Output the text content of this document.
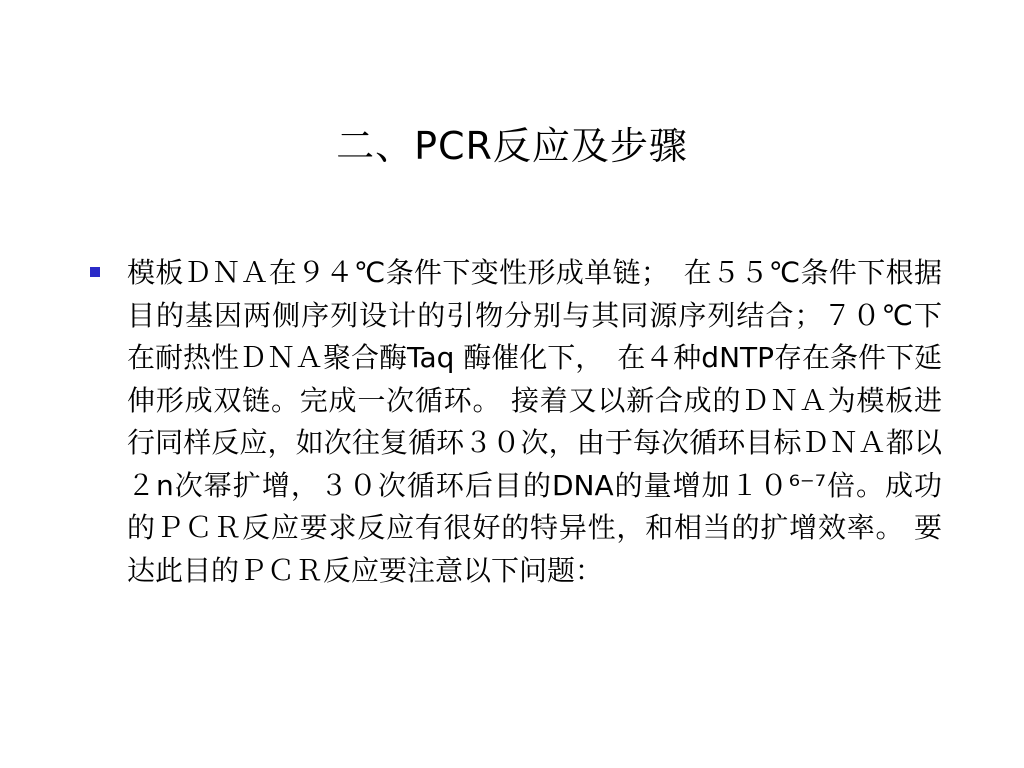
二、PCR反应及步骤
模板ＤＮＡ在９４℃条件下变性形成单链；　在５５℃条件下根据目的基因两侧序列设计的引物分别与其同源序列结合；７０℃下在耐热性ＤＮＡ聚合酶Taq 酶催化下，　在４种dNTP存在条件下延伸形成双链。完成一次循环。 接着又以新合成的ＤＮＡ为模板进行同样反应，如次往复循环３０次，由于每次循环目标ＤＮＡ都以２n次幂扩增，３０次循环后目的DNA的量增加１０⁶⁻⁷倍。成功的ＰＣＲ反应要求反应有很好的特异性，和相当的扩增效率。 要达此目的ＰＣＲ反应要注意以下问题：
